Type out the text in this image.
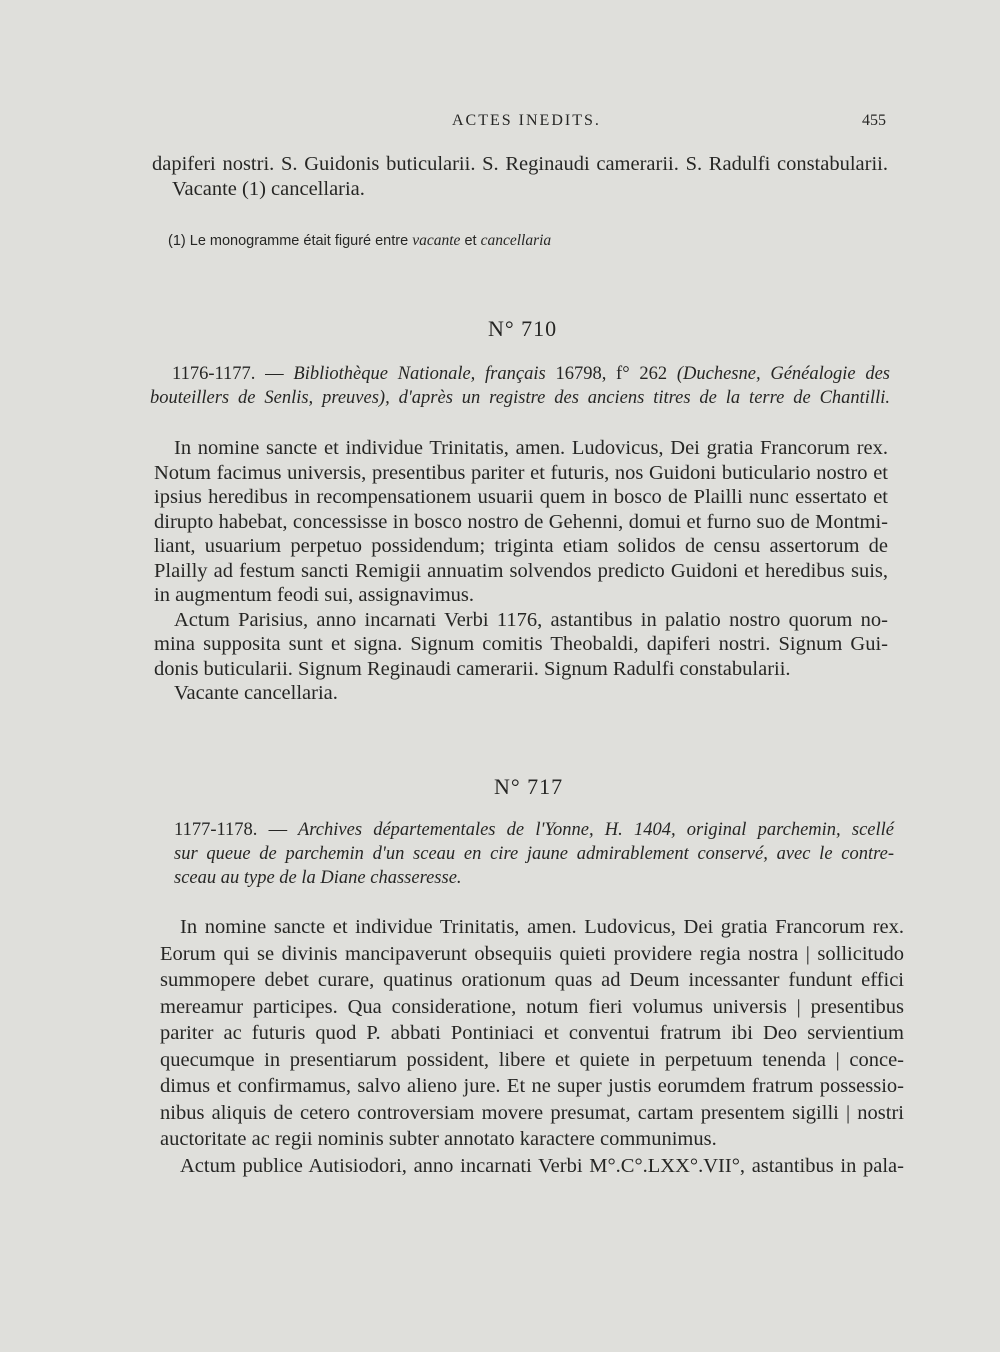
ACTES INEDITS.	455
dapiferi nostri. S. Guidonis buticularii. S. Reginaudi camerarii. S. Radulfi constabularii.
Vacante (1) cancellaria.
(1) Le monogramme était figuré entre vacante et cancellaria
N° 710
1176-1177. — Bibliothèque Nationale, français 16798, f° 262 (Duchesne, Généalogie des
bouteillers de Senlis, preuves), d'après un registre des anciens titres de la terre de Chantilli.
In nomine sancte et individue Trinitatis, amen. Ludovicus, Dei gratia Francorum rex.
Notum facimus universis, presentibus pariter et futuris, nos Guidoni buticulario nostro et
ipsius heredibus in recompensationem usuarii quem in bosco de Plailli nunc essertato et
dirupto habebat, concessisse in bosco nostro de Gehenni, domui et furno suo de Montmi-
liant, usuarium perpetuo possidendum; triginta etiam solidos de censu assertorum de
Plailly ad festum sancti Remigii annuatim solvendos predicto Guidoni et heredibus suis,
in augmentum feodi sui, assignavimus.
Actum Parisius, anno incarnati Verbi 1176, astantibus in palatio nostro quorum no-
mina supposita sunt et signa. Signum comitis Theobaldi, dapiferi nostri. Signum Gui-
donis buticularii. Signum Reginaudi camerarii. Signum Radulfi constabularii.
Vacante cancellaria.
N° 717
1177-1178. — Archives départementales de l'Yonne, H. 1404, original parchemin, scellé
sur queue de parchemin d'un sceau en cire jaune admirablement conservé, avec le contre-
sceau au type de la Diane chasseresse.
In nomine sancte et individue Trinitatis, amen. Ludovicus, Dei gratia Francorum rex.
Eorum qui se divinis mancipaverunt obsequiis quieti providere regia nostra | sollicitudo
summopere debet curare, quatinus orationum quas ad Deum incessanter fundunt effici
mereamur participes. Qua consideratione, notum fieri volumus universis | presentibus
pariter ac futuris quod P. abbati Pontiniaci et conventui fratrum ibi Deo servientium
quecumque in presentiarum possident, libere et quiete in perpetuum tenenda | conce-
dimus et confirmamus, salvo alieno jure. Et ne super justis eorumdem fratrum possessio-
nibus aliquis de cetero controversiam movere presumat, cartam presentem sigilli | nostri
auctoritate ac regii nominis subter annotato karactere communimus.
Actum publice Autisiodori, anno incarnati Verbi M°.C°.LXX°.VII°, astantibus in pala-
